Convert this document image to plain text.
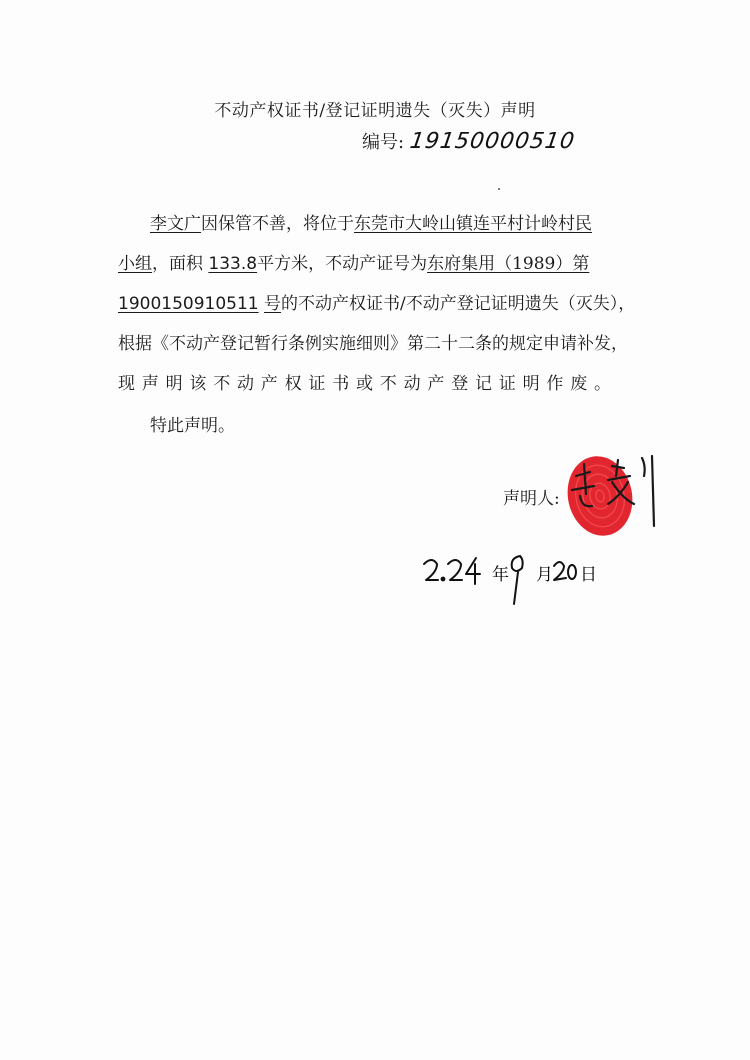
不动产权证书/登记证明遗失（灭失）声明
编号: 19150000510
李文广因保管不善，将位于东莞市大岭山镇连平村计岭村民
小组，面积 133.8平方米，不动产证号为东府集用（1989）第
1900150910511 号的不动产权证书/不动产登记证明遗失（灭失），
根据《不动产登记暂行条例实施细则》第二十二条的规定申请补发，
现声明该不动产权证书或不动产登记证明作废。
特此声明。
声明人:
年 月 日
